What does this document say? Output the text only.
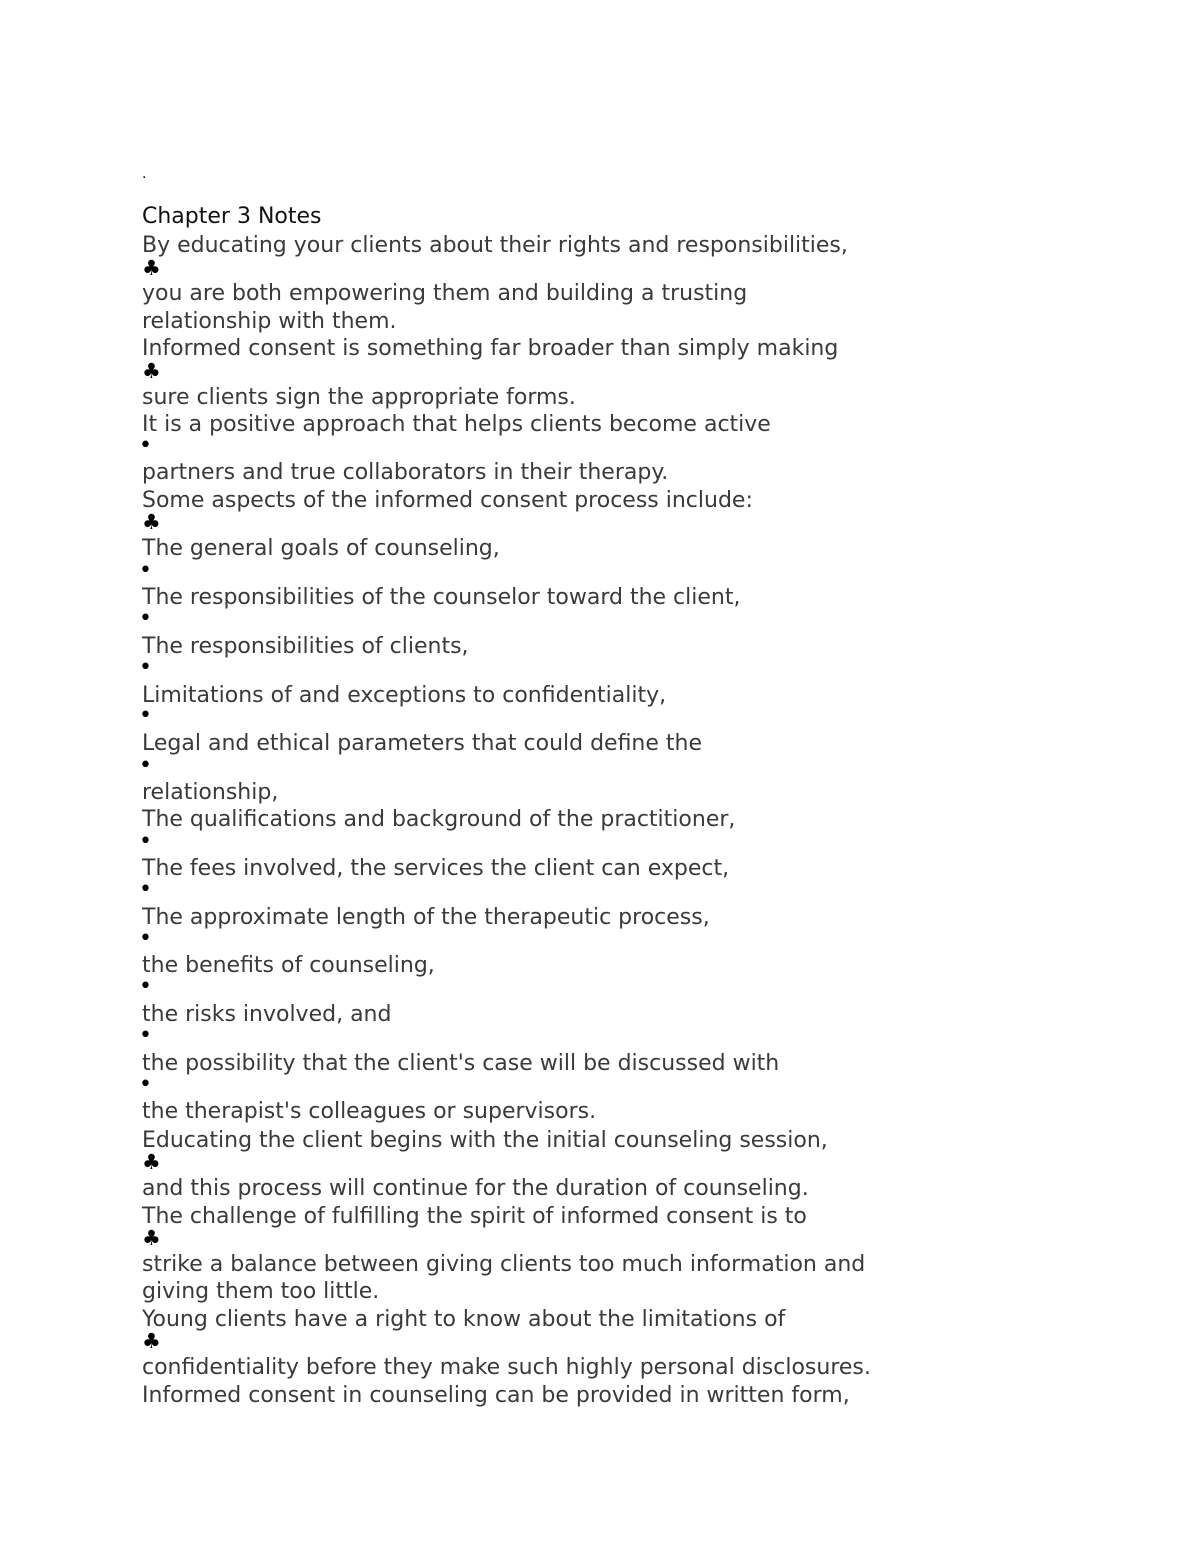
.
Chapter 3 Notes
By educating your clients about their rights and responsibilities,
♣
you are both empowering them and building a trusting
relationship with them.
Informed consent is something far broader than simply making
♣
sure clients sign the appropriate forms.
It is a positive approach that helps clients become active
•
partners and true collaborators in their therapy.
Some aspects of the informed consent process include:
♣
The general goals of counseling,
•
The responsibilities of the counselor toward the client,
•
The responsibilities of clients,
•
Limitations of and exceptions to confidentiality,
•
Legal and ethical parameters that could define the
•
relationship,
The qualifications and background of the practitioner,
•
The fees involved, the services the client can expect,
•
The approximate length of the therapeutic process,
•
the benefits of counseling,
•
the risks involved, and
•
the possibility that the client's case will be discussed with
•
the therapist's colleagues or supervisors.
Educating the client begins with the initial counseling session,
♣
and this process will continue for the duration of counseling.
The challenge of fulfilling the spirit of informed consent is to
♣
strike a balance between giving clients too much information and
giving them too little.
Young clients have a right to know about the limitations of
♣
confidentiality before they make such highly personal disclosures.
Informed consent in counseling can be provided in written form,
